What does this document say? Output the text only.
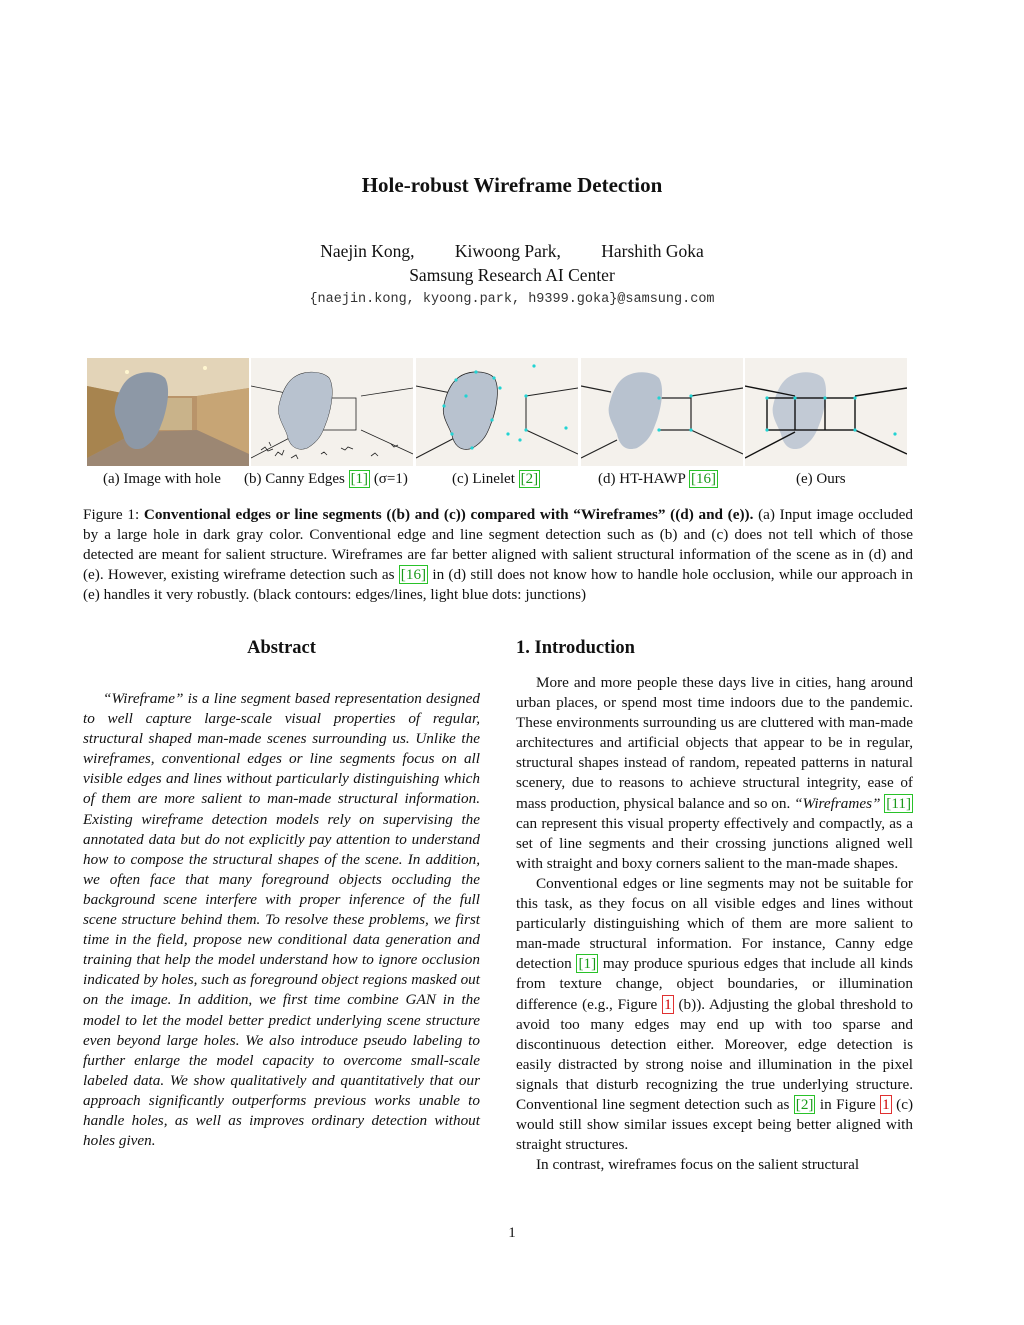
Hole-robust Wireframe Detection
Naejin Kong, Kiwoong Park, Harshith Goka
Samsung Research AI Center
{naejin.kong, kyoong.park, h9399.goka}@samsung.com
(a) Image with hole (b) Canny Edges [1] (σ=1)	(c) Linelet [2]	(d) HT-HAWP [16]	(e) Ours
Figure 1: Conventional edges or line segments ((b) and (c)) compared with “Wireframes” ((d) and (e)). (a) Input image occluded by a large hole in dark gray color. Conventional edge and line segment detection such as (b) and (c) does not tell which of those detected are meant for salient structure. Wireframes are far better aligned with salient structural information of the scene as in (d) and (e). However, existing wireframe detection such as [16] in (d) still does not know how to handle hole occlusion, while our approach in (e) handles it very robustly. (black contours: edges/lines, light blue dots: junctions)
Abstract

“Wireframe” is a line segment based representation designed to well capture large-scale visual properties of regular, structural shaped man-made scenes surrounding us. Unlike the wireframes, conventional edges or line segments focus on all visible edges and lines without particularly distinguishing which of them are more salient to man-made structural information. Existing wireframe detection models rely on supervising the annotated data but do not explicitly pay attention to understand how to compose the structural shapes of the scene. In addition, we often face that many foreground objects occluding the background scene interfere with proper inference of the full scene structure behind them. To resolve these problems, we first time in the field, propose new conditional data generation and training that help the model understand how to ignore occlusion indicated by holes, such as foreground object regions masked out on the image. In addition, we first time combine GAN in the model to let the model better predict underlying scene structure even beyond large holes. We also introduce pseudo labeling to further enlarge the model capacity to overcome small-scale labeled data. We show qualitatively and quantitatively that our approach significantly outperforms previous works unable to handle holes, as well as improves ordinary detection without holes given.

1. Introduction

More and more people these days live in cities, hang around urban places, or spend most time indoors due to the pandemic. These environments surrounding us are cluttered with man-made architectures and artificial objects that appear to be in regular, structural shapes instead of random, repeated patterns in natural scenery, due to reasons to achieve structural integrity, ease of mass production, physical balance and so on. “Wireframes” [11] can represent this visual property effectively and compactly, as a set of line segments and their crossing junctions aligned well with straight and boxy corners salient to the man-made shapes.

Conventional edges or line segments may not be suitable for this task, as they focus on all visible edges and lines without particularly distinguishing which of them are more salient to man-made structural information. For instance, Canny edge detection [1] may produce spurious edges that include all kinds from texture change, object boundaries, or illumination difference (e.g., Figure 1 (b)). Adjusting the global threshold to avoid too many edges may end up with too sparse and discontinuous detection either. Moreover, edge detection is easily distracted by strong noise and illumination in the pixel signals that disturb recognizing the true underlying structure. Conventional line segment detection such as [2] in Figure 1 (c) would still show similar issues except being better aligned with straight structures.

In contrast, wireframes focus on the salient structural

1
